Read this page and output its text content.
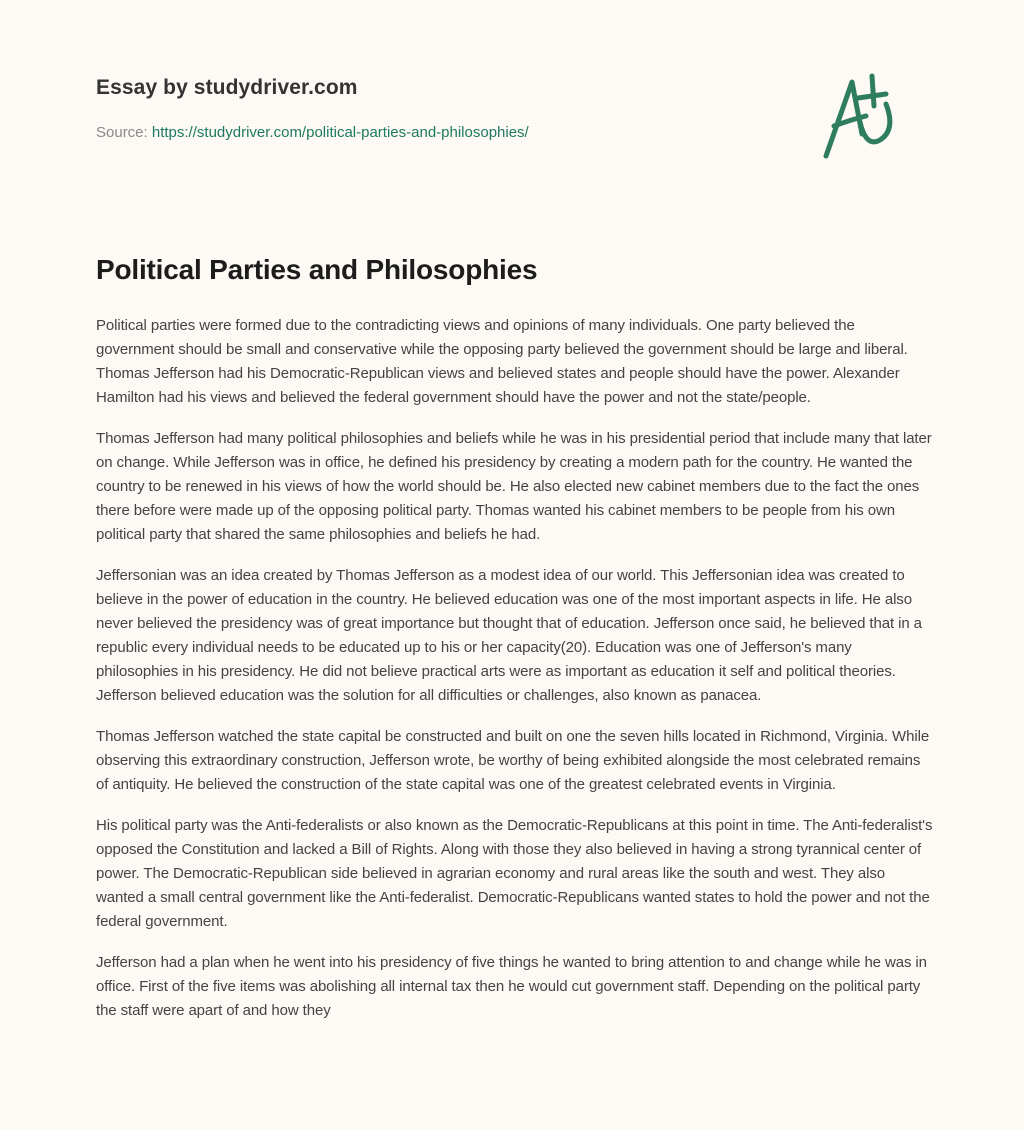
Essay by studydriver.com
Source: https://studydriver.com/political-parties-and-philosophies/
Political Parties and Philosophies

Political parties were formed due to the contradicting views and opinions of many individuals. One party believed the government should be small and conservative while the opposing party believed the government should be large and liberal. Thomas Jefferson had his Democratic-Republican views and believed states and people should have the power. Alexander Hamilton had his views and believed the federal government should have the power and not the state/people.

Thomas Jefferson had many political philosophies and beliefs while he was in his presidential period that include many that later on change. While Jefferson was in office, he defined his presidency by creating a modern path for the country. He wanted the country to be renewed in his views of how the world should be. He also elected new cabinet members due to the fact the ones there before were made up of the opposing political party. Thomas wanted his cabinet members to be people from his own political party that shared the same philosophies and beliefs he had.

Jeffersonian was an idea created by Thomas Jefferson as a modest idea of our world. This Jeffersonian idea was created to believe in the power of education in the country. He believed education was one of the most important aspects in life. He also never believed the presidency was of great importance but thought that of education. Jefferson once said, he believed that in a republic every individual needs to be educated up to his or her capacity(20). Education was one of Jefferson's many philosophies in his presidency. He did not believe practical arts were as important as education it self and political theories. Jefferson believed education was the solution for all difficulties or challenges, also known as panacea.

Thomas Jefferson watched the state capital be constructed and built on one the seven hills located in Richmond, Virginia. While observing this extraordinary construction, Jefferson wrote, be worthy of being exhibited alongside the most celebrated remains of antiquity. He believed the construction of the state capital was one of the greatest celebrated events in Virginia.

His political party was the Anti-federalists or also known as the Democratic-Republicans at this point in time. The Anti-federalist's opposed the Constitution and lacked a Bill of Rights. Along with those they also believed in having a strong tyrannical center of power. The Democratic-Republican side believed in agrarian economy and rural areas like the south and west. They also wanted a small central government like the Anti-federalist. Democratic-Republicans wanted states to hold the power and not the federal government.

Jefferson had a plan when he went into his presidency of five things he wanted to bring attention to and change while he was in office. First of the five items was abolishing all internal tax then he would cut government staff. Depending on the political party the staff were apart of and how they
